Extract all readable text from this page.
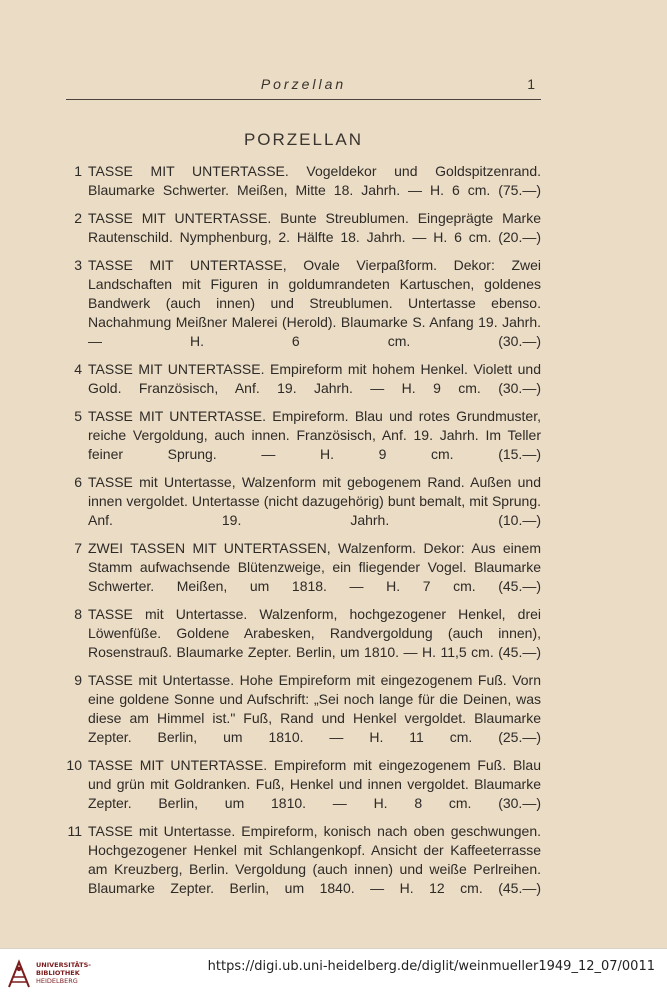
Porzellan	1
PORZELLAN
1 TASSE MIT UNTERTASSE. Vogeldekor und Goldspitzenrand. Blaumarke Schwerter. Meißen, Mitte 18. Jahrh. — H. 6 cm. (75.—)
2 TASSE MIT UNTERTASSE. Bunte Streublumen. Eingeprägte Marke Rautenschild. Nymphenburg, 2. Hälfte 18. Jahrh. — H. 6 cm. (20.—)
3 TASSE MIT UNTERTASSE, Ovale Vierpaßform. Dekor: Zwei Landschaften mit Figuren in goldumrandeten Kartuschen, goldenes Bandwerk (auch innen) und Streublumen. Untertasse ebenso. Nachahmung Meißner Malerei (Herold). Blaumarke S. Anfang 19. Jahrh. — H. 6 cm. (30.—)
4 TASSE MIT UNTERTASSE. Empireform mit hohem Henkel. Violett und Gold. Französisch, Anf. 19. Jahrh. — H. 9 cm. (30.—)
5 TASSE MIT UNTERTASSE. Empireform. Blau und rotes Grundmuster, reiche Vergoldung, auch innen. Französisch, Anf. 19. Jahrh. Im Teller feiner Sprung. — H. 9 cm. (15.—)
6 TASSE mit Untertasse, Walzenform mit gebogenem Rand. Außen und innen vergoldet. Untertasse (nicht dazugehörig) bunt bemalt, mit Sprung. Anf. 19. Jahrh. (10.—)
7 ZWEI TASSEN MIT UNTERTASSEN, Walzenform. Dekor: Aus einem Stamm aufwachsende Blütenzweige, ein fliegender Vogel. Blaumarke Schwerter. Meißen, um 1818. — H. 7 cm. (45.—)
8 TASSE mit Untertasse. Walzenform, hochgezogener Henkel, drei Löwenfüße. Goldene Arabesken, Randvergoldung (auch innen), Rosenstrauß. Blaumarke Zepter. Berlin, um 1810. — H. 11,5 cm. (45.—)
9 TASSE mit Untertasse. Hohe Empireform mit eingezogenem Fuß. Vorn eine goldene Sonne und Aufschrift: „Sei noch lange für die Deinen, was diese am Himmel ist." Fuß, Rand und Henkel vergoldet. Blaumarke Zepter. Berlin, um 1810. — H. 11 cm. (25.—)
10 TASSE MIT UNTERTASSE. Empireform mit eingezogenem Fuß. Blau und grün mit Goldranken. Fuß, Henkel und innen vergoldet. Blaumarke Zepter. Berlin, um 1810. — H. 8 cm. (30.—)
11 TASSE mit Untertasse. Empireform, konisch nach oben geschwungen. Hochgezogener Henkel mit Schlangenkopf. Ansicht der Kaffeeterrasse am Kreuzberg, Berlin. Vergoldung (auch innen) und weiße Perlreihen. Blaumarke Zepter. Berlin, um 1840. — H. 12 cm. (45.—)
UNIVERSITÄTS-
BIBLIOTHEK
HEIDELBERG
https://digi.ub.uni-heidelberg.de/diglit/weinmueller1949_12_07/0011
